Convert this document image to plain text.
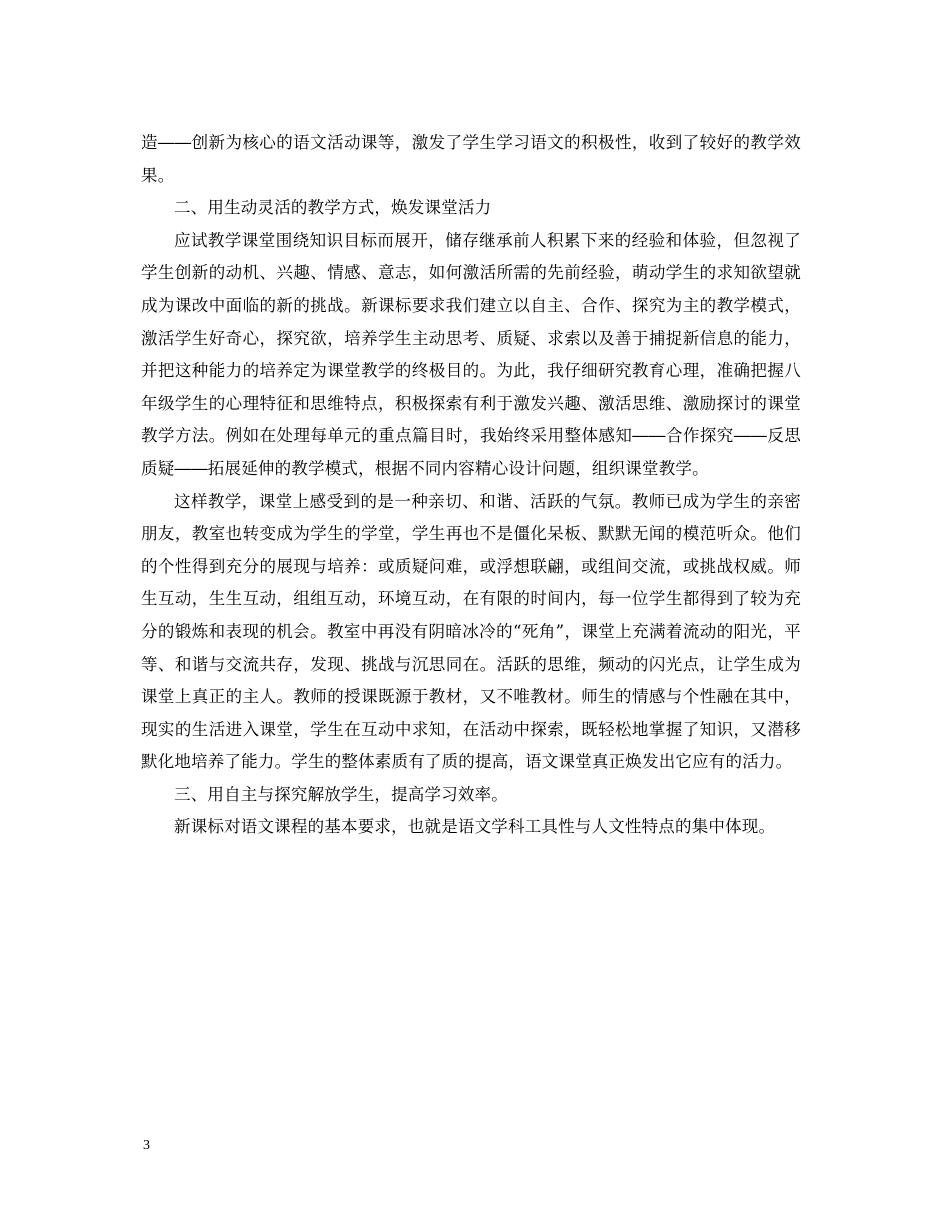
造――创新为核心的语文活动课等，激发了学生学习语文的积极性，收到了较好的教学效果。

二、用生动灵活的教学方式，焕发课堂活力

应试教学课堂围绕知识目标而展开，储存继承前人积累下来的经验和体验，但忽视了学生创新的动机、兴趣、情感、意志，如何激活所需的先前经验，萌动学生的求知欲望就成为课改中面临的新的挑战。新课标要求我们建立以自主、合作、探究为主的教学模式，激活学生好奇心，探究欲，培养学生主动思考、质疑、求索以及善于捕捉新信息的能力，并把这种能力的培养定为课堂教学的终极目的。为此，我仔细研究教育心理，准确把握八年级学生的心理特征和思维特点，积极探索有利于激发兴趣、激活思维、激励探讨的课堂教学方法。例如在处理每单元的重点篇目时，我始终采用整体感知――合作探究――反思质疑――拓展延伸的教学模式，根据不同内容精心设计问题，组织课堂教学。

这样教学，课堂上感受到的是一种亲切、和谐、活跃的气氛。教师已成为学生的亲密朋友，教室也转变成为学生的学堂，学生再也不是僵化呆板、默默无闻的模范听众。他们的个性得到充分的展现与培养：或质疑问难，或浮想联翩，或组间交流，或挑战权威。师生互动，生生互动，组组互动，环境互动，在有限的时间内，每一位学生都得到了较为充分的锻炼和表现的机会。教室中再没有阴暗冰冷的“死角”，课堂上充满着流动的阳光，平等、和谐与交流共存，发现、挑战与沉思同在。活跃的思维，频动的闪光点，让学生成为课堂上真正的主人。教师的授课既源于教材，又不唯教材。师生的情感与个性融在其中，现实的生活进入课堂，学生在互动中求知，在活动中探索，既轻松地掌握了知识，又潜移默化地培养了能力。学生的整体素质有了质的提高，语文课堂真正焕发出它应有的活力。

三、用自主与探究解放学生，提高学习效率。

新课标对语文课程的基本要求，也就是语文学科工具性与人文性特点的集中体现。

3
